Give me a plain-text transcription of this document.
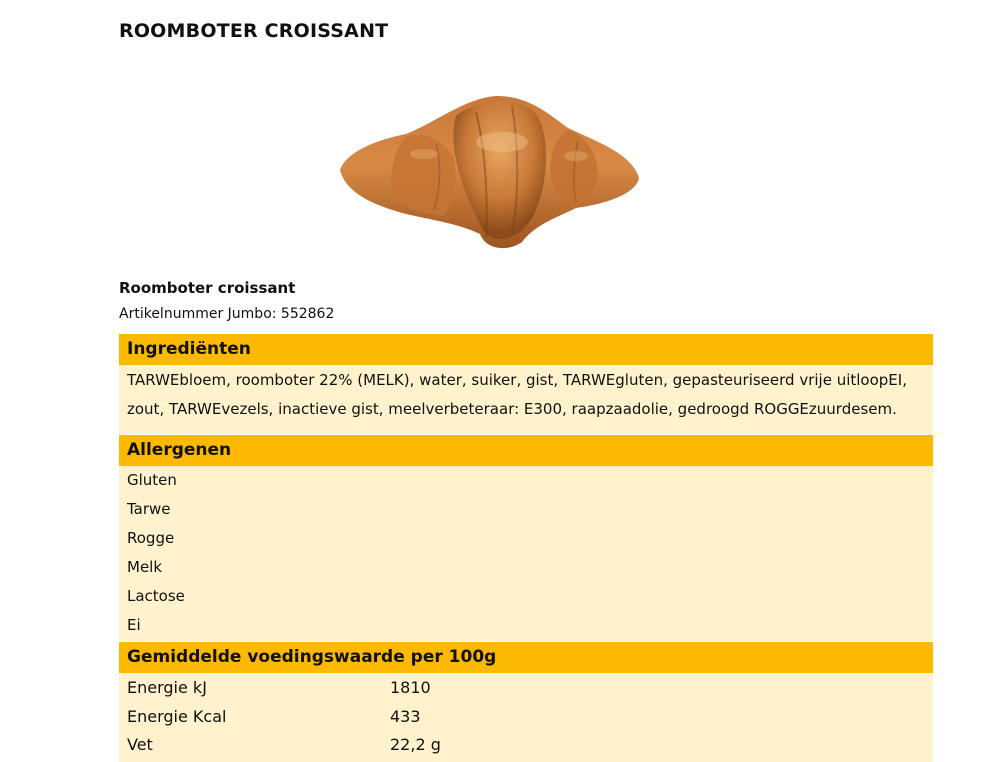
ROOMBOTER CROISSANT
Roomboter croissant
Artikelnummer Jumbo: 552862
Ingrediënten
TARWEbloem, roomboter 22% (MELK), water, suiker, gist, TARWEgluten, gepasteuriseerd vrije uitloopEI, zout, TARWEvezels, inactieve gist, meelverbeteraar: E300, raapzaadolie, gedroogd ROGGEzuurdesem.
Allergenen
Gluten
Tarwe
Rogge
Melk
Lactose
Ei
Gemiddelde voedingswaarde per 100g
Energie kJ	1810
Energie Kcal	433
Vet	22,2 g
